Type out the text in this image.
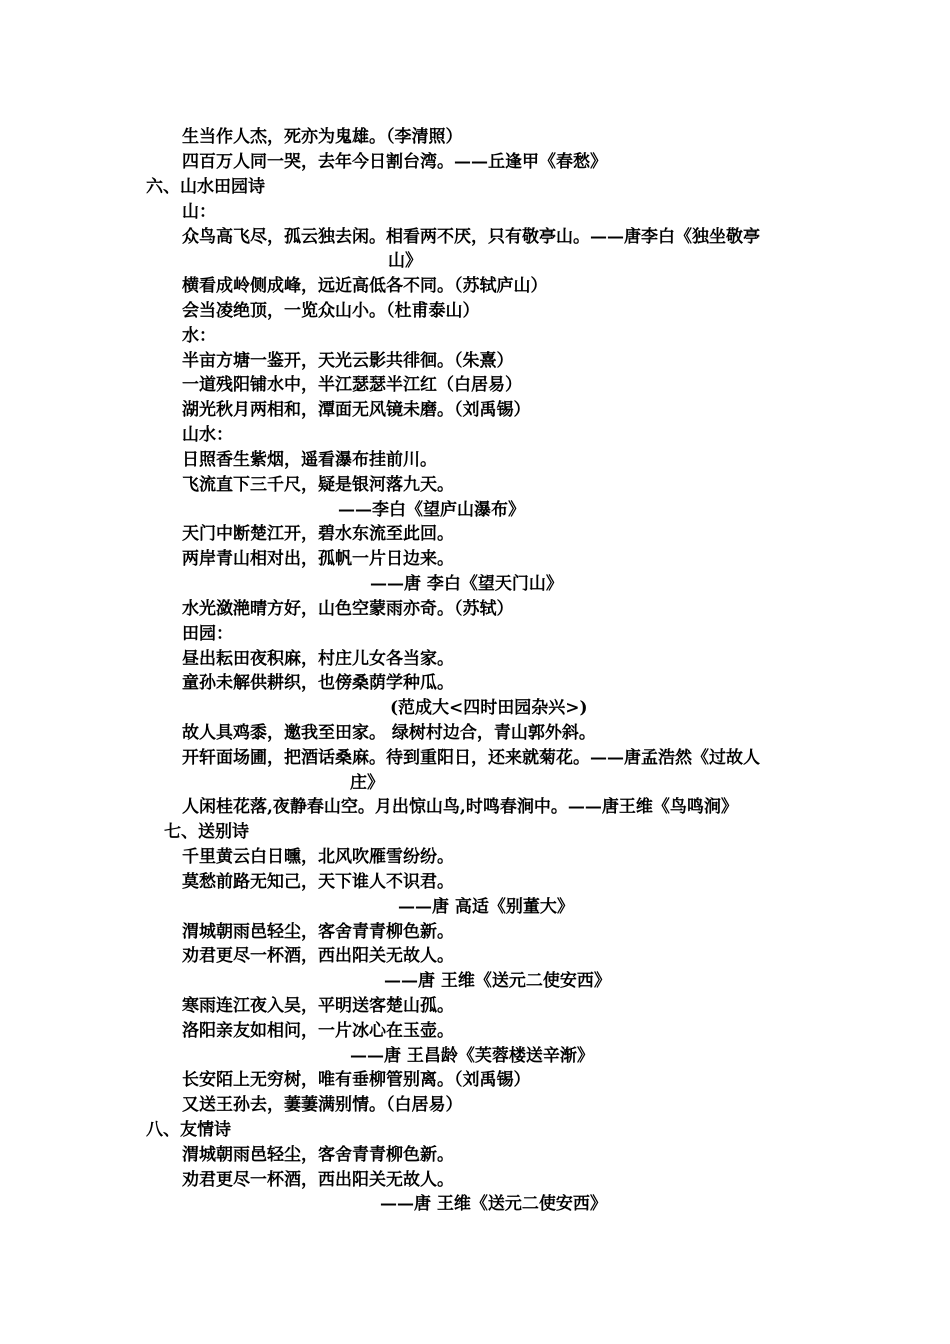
生当作人杰，死亦为鬼雄。（李清照）
四百万人同一哭，去年今日割台湾。——丘逢甲《春愁》
六、山水田园诗
山：
众鸟高飞尽，孤云独去闲。相看两不厌，只有敬亭山。——唐李白《独坐敬亭
山》
横看成岭侧成峰，远近高低各不同。（苏轼庐山）
会当凌绝顶，一览众山小。（杜甫泰山）
水：
半亩方塘一鉴开，天光云影共徘徊。（朱熹）
一道残阳铺水中，半江瑟瑟半江红（白居易）
湖光秋月两相和，潭面无风镜未磨。（刘禹锡）
山水：
日照香生紫烟，遥看瀑布挂前川。
飞流直下三千尺，疑是银河落九天。
——李白《望庐山瀑布》
天门中断楚江开，碧水东流至此回。
两岸青山相对出，孤帆一片日边来。
——唐 李白《望天门山》
水光潋滟晴方好，山色空蒙雨亦奇。（苏轼）
田园：
昼出耘田夜积麻，村庄儿女各当家。
童孙未解供耕织，也傍桑荫学种瓜。
(范成大<四时田园杂兴>)
故人具鸡黍，邀我至田家。 绿树村边合，青山郭外斜。
开轩面场圃，把酒话桑麻。待到重阳日，还来就菊花。——唐孟浩然《过故人
庄》
人闲桂花落,夜静春山空。月出惊山鸟,时鸣春涧中。——唐王维《鸟鸣涧》
七、送别诗
千里黄云白日曛，北风吹雁雪纷纷。
莫愁前路无知己，天下谁人不识君。
——唐 高适《别董大》
渭城朝雨邑轻尘，客舍青青柳色新。
劝君更尽一杯酒，西出阳关无故人。
——唐 王维《送元二使安西》
寒雨连江夜入吴，平明送客楚山孤。
洛阳亲友如相问，一片冰心在玉壶。
——唐 王昌龄《芙蓉楼送辛渐》
长安陌上无穷树，唯有垂柳管别离。（刘禹锡）
又送王孙去，萋萋满别情。（白居易）
八、友情诗
渭城朝雨邑轻尘，客舍青青柳色新。
劝君更尽一杯酒，西出阳关无故人。
——唐 王维《送元二使安西》
